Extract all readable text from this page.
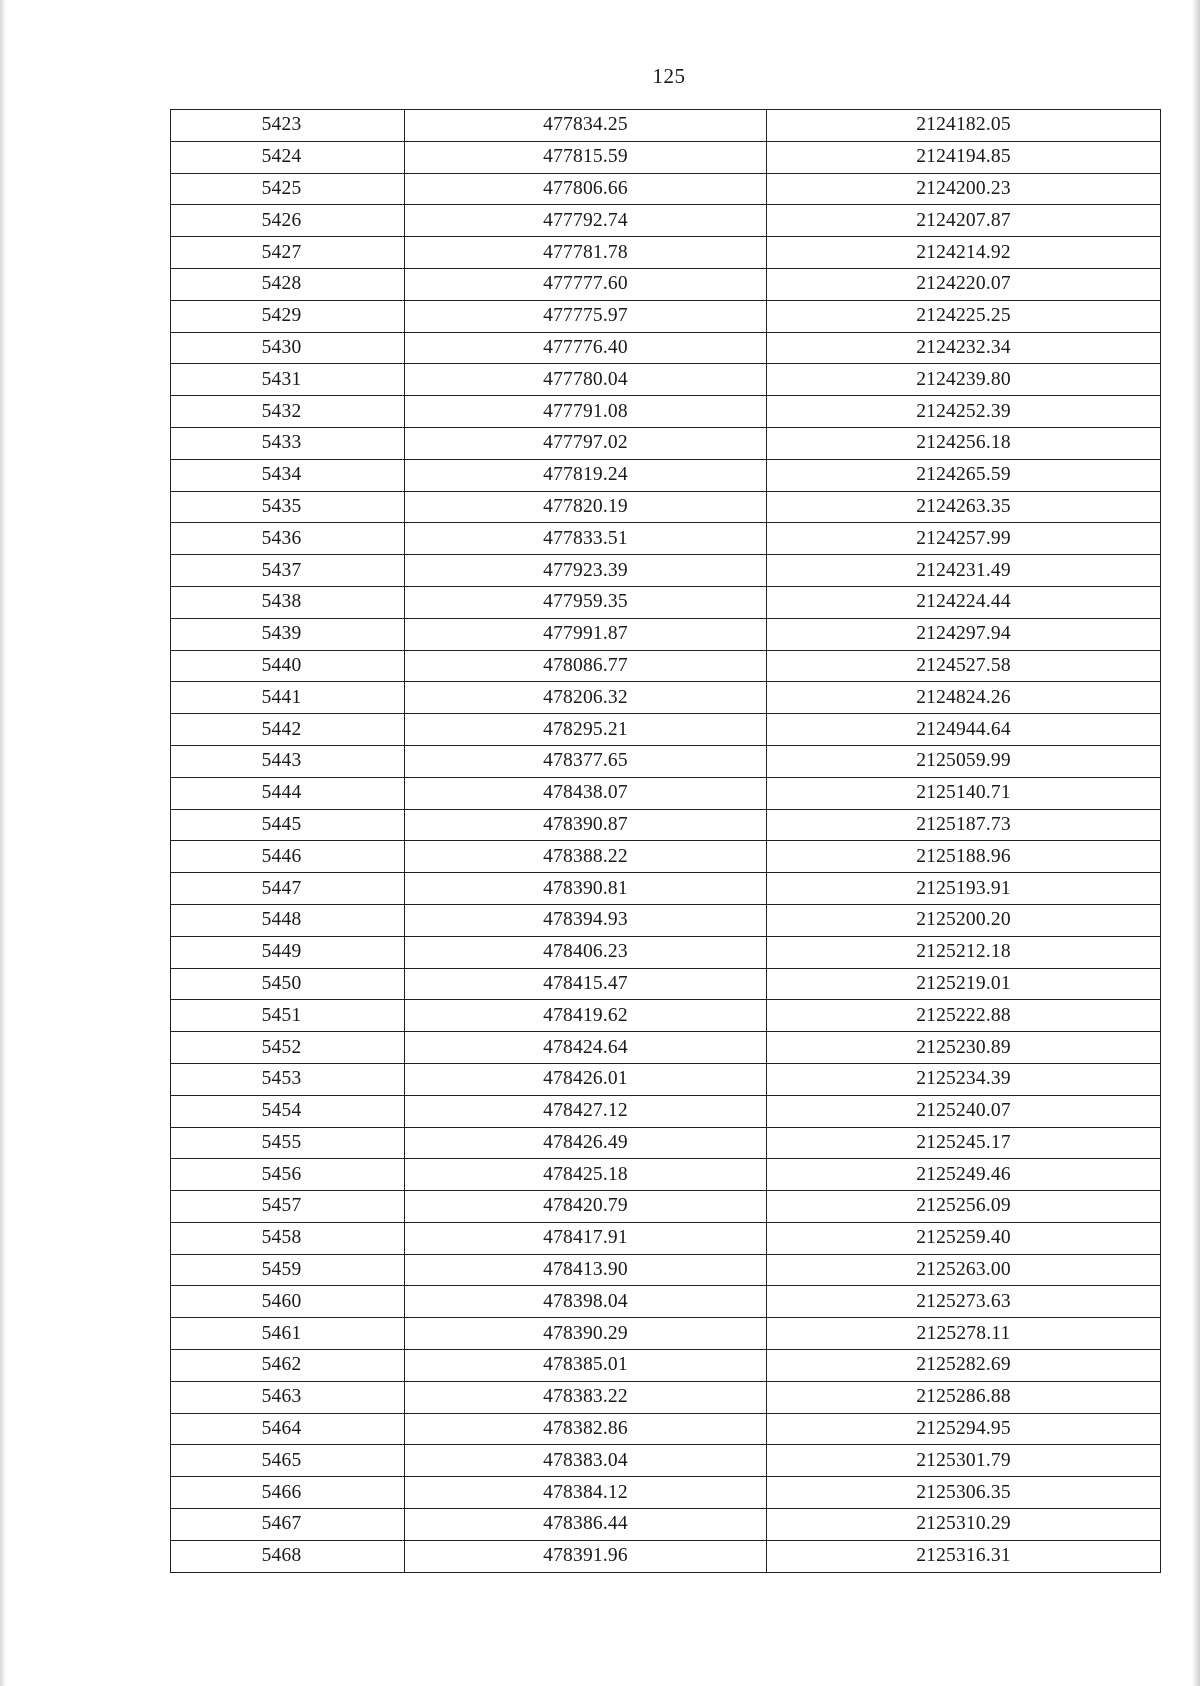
125
5423	477834.25	2124182.05
5424	477815.59	2124194.85
5425	477806.66	2124200.23
5426	477792.74	2124207.87
5427	477781.78	2124214.92
5428	477777.60	2124220.07
5429	477775.97	2124225.25
5430	477776.40	2124232.34
5431	477780.04	2124239.80
5432	477791.08	2124252.39
5433	477797.02	2124256.18
5434	477819.24	2124265.59
5435	477820.19	2124263.35
5436	477833.51	2124257.99
5437	477923.39	2124231.49
5438	477959.35	2124224.44
5439	477991.87	2124297.94
5440	478086.77	2124527.58
5441	478206.32	2124824.26
5442	478295.21	2124944.64
5443	478377.65	2125059.99
5444	478438.07	2125140.71
5445	478390.87	2125187.73
5446	478388.22	2125188.96
5447	478390.81	2125193.91
5448	478394.93	2125200.20
5449	478406.23	2125212.18
5450	478415.47	2125219.01
5451	478419.62	2125222.88
5452	478424.64	2125230.89
5453	478426.01	2125234.39
5454	478427.12	2125240.07
5455	478426.49	2125245.17
5456	478425.18	2125249.46
5457	478420.79	2125256.09
5458	478417.91	2125259.40
5459	478413.90	2125263.00
5460	478398.04	2125273.63
5461	478390.29	2125278.11
5462	478385.01	2125282.69
5463	478383.22	2125286.88
5464	478382.86	2125294.95
5465	478383.04	2125301.79
5466	478384.12	2125306.35
5467	478386.44	2125310.29
5468	478391.96	2125316.31
